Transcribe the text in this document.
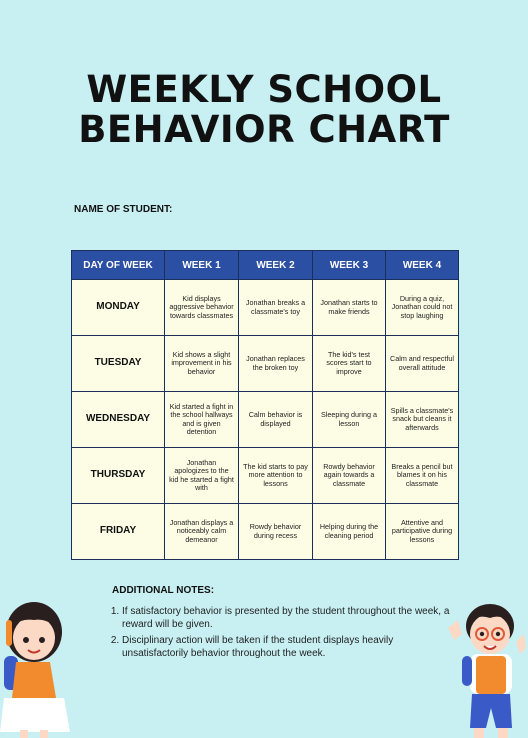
WEEKLY SCHOOL
BEHAVIOR CHART
NAME OF STUDENT:
DAY OF WEEK	WEEK 1	WEEK 2	WEEK 3	WEEK 4
MONDAY	Kid displays aggressive behavior towards classmates	Jonathan breaks a classmate's toy	Jonathan starts to make friends	During a quiz, Jonathan could not stop laughing
TUESDAY	Kid shows a slight improvement in his behavior	Jonathan replaces the broken toy	The kid's test scores start to improve	Calm and respectful overall attitude
WEDNESDAY	Kid started a fight in the school hallways and is given detention	Calm behavior is displayed	Sleeping during a lesson	Spills a classmate's snack but cleans it afterwards
THURSDAY	Jonathan apologizes to the kid he started a fight with	The kid starts to pay more attention to lessons	Rowdy behavior again towards a classmate	Breaks a pencil but blames it on his classmate
FRIDAY	Jonathan displays a noticeably calm demeanor	Rowdy behavior during recess	Helping during the cleaning period	Attentive and participative during lessons
ADDITIONAL NOTES:
1. If satisfactory behavior is presented by the student throughout the week, a reward will be given.
2. Disciplinary action will be taken if the student displays heavily unsatisfactorily behavior throughout the week.
